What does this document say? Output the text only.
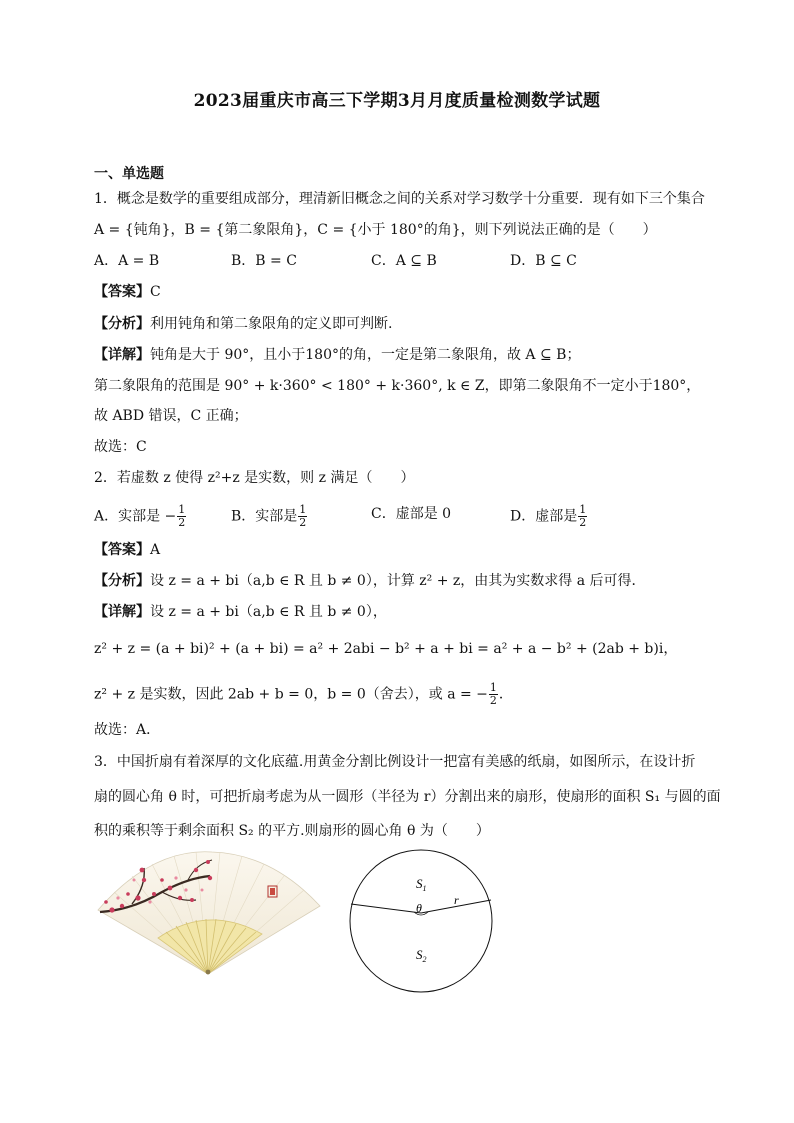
2023届重庆市高三下学期3月月度质量检测数学试题
一、单选题
1．概念是数学的重要组成部分，理清新旧概念之间的关系对学习数学十分重要．现有如下三个集合
A = {钝角}，B = {第二象限角}，C = {小于 180°的角}，则下列说法正确的是（　　）
A．A = B	B．B = C	C．A ⊆ B	D．B ⊆ C
【答案】C
【分析】利用钝角和第二象限角的定义即可判断.
【详解】钝角是大于 90°，且小于180°的角，一定是第二象限角，故 A ⊆ B；
第二象限角的范围是 90° + k·360° < 180° + k·360°, k ∈ Z，即第二象限角不一定小于180°，
故 ABD 错误，C 正确；
故选：C
2．若虚数 z 使得 z²+z 是实数，则 z 满足（　　）
A．实部是 − $\frac{1}{2}$	B．实部是 $\frac{1}{2}$	C．虚部是 0	D．虚部是 $\frac{1}{2}$
【答案】A
【分析】设 z = a + bi（a,b ∈ R 且 b ≠ 0），计算 z² + z，由其为实数求得 a 后可得．
【详解】设 z = a + bi（a,b ∈ R 且 b ≠ 0），
z² + z = (a + bi)² + (a + bi) = a² + 2abi − b² + a + bi = a² + a − b² + (2ab + b)i，
z² + z 是实数，因此 2ab + b = 0，b = 0（舍去），或 a = − $\frac{1}{2}$ ．
故选：A．
3．中国折扇有着深厚的文化底蕴.用黄金分割比例设计一把富有美感的纸扇，如图所示，在设计折
扇的圆心角 θ 时，可把折扇考虑为从一圆形（半径为 r）分割出来的扇形，使扇形的面积 S₁ 与圆的面
积的乘积等于剩余面积 S₂ 的平方.则扇形的圆心角 θ 为（　　）
$S_1$
θ
r
$S_2$
